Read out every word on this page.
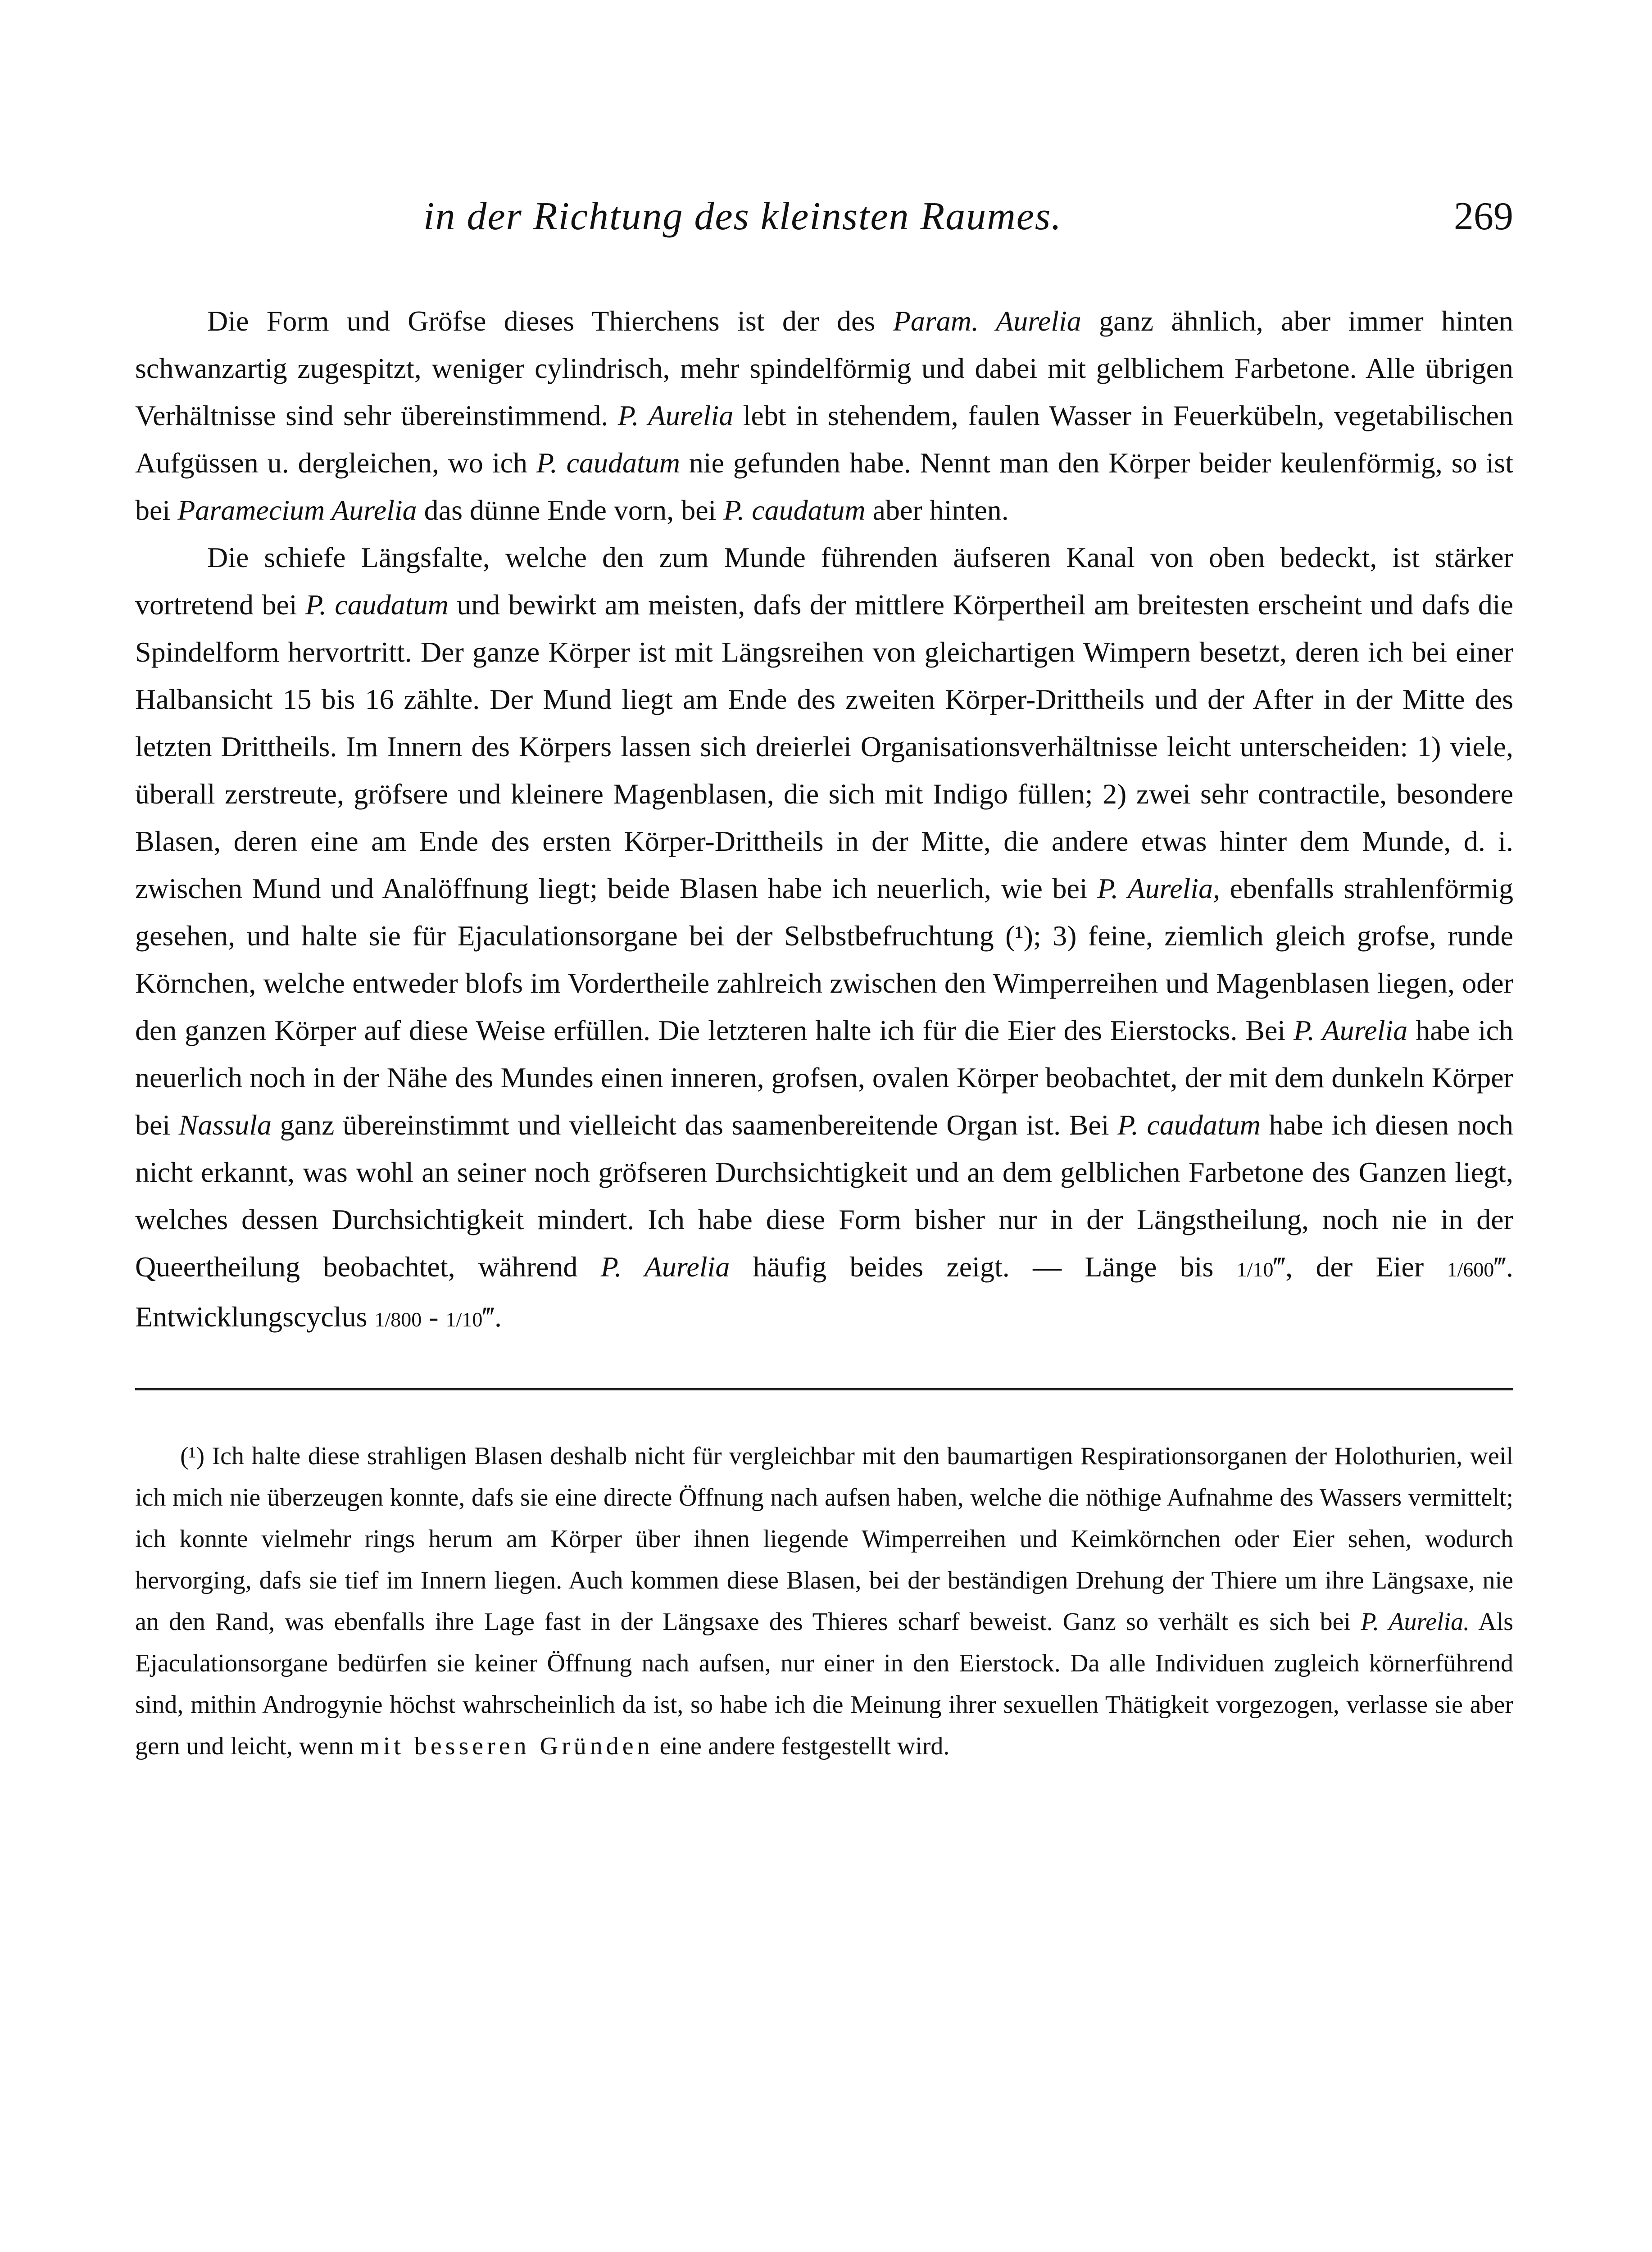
in der Richtung des kleinsten Raumes.	269

Die Form und Gröfse dieses Thierchens ist der des Param. Aurelia ganz ähnlich, aber immer hinten schwanzartig zugespitzt, weniger cylindrisch, mehr spindelförmig und dabei mit gelblichem Farbetone. Alle übrigen Verhältnisse sind sehr übereinstimmend. P. Aurelia lebt in stehendem, faulen Wasser in Feuerkübeln, vegetabilischen Aufgüssen u. dergleichen, wo ich P. caudatum nie gefunden habe. Nennt man den Körper beider keulenförmig, so ist bei Paramecium Aurelia das dünne Ende vorn, bei P. caudatum aber hinten.

Die schiefe Längsfalte, welche den zum Munde führenden äufseren Kanal von oben bedeckt, ist stärker vortretend bei P. caudatum und bewirkt am meisten, dafs der mittlere Körpertheil am breitesten erscheint und dafs die Spindelform hervortritt. Der ganze Körper ist mit Längsreihen von gleichartigen Wimpern besetzt, deren ich bei einer Halbansicht 15 bis 16 zählte. Der Mund liegt am Ende des zweiten Körper-Drittheils und der After in der Mitte des letzten Drittheils. Im Innern des Körpers lassen sich dreierlei Organisationsverhältnisse leicht unterscheiden: 1) viele, überall zerstreute, gröfsere und kleinere Magenblasen, die sich mit Indigo füllen; 2) zwei sehr contractile, besondere Blasen, deren eine am Ende des ersten Körper-Drittheils in der Mitte, die andere etwas hinter dem Munde, d. i. zwischen Mund und Analöffnung liegt; beide Blasen habe ich neuerlich, wie bei P. Aurelia, ebenfalls strahlenförmig gesehen, und halte sie für Ejaculationsorgane bei der Selbstbefruchtung (¹); 3) feine, ziemlich gleich grofse, runde Körnchen, welche entweder blofs im Vordertheile zahlreich zwischen den Wimperreihen und Magenblasen liegen, oder den ganzen Körper auf diese Weise erfüllen. Die letzteren halte ich für die Eier des Eierstocks. Bei P. Aurelia habe ich neuerlich noch in der Nähe des Mundes einen inneren, grofsen, ovalen Körper beobachtet, der mit dem dunkeln Körper bei Nassula ganz übereinstimmt und vielleicht das saamenbereitende Organ ist. Bei P. caudatum habe ich diesen noch nicht erkannt, was wohl an seiner noch gröfseren Durchsichtigkeit und an dem gelblichen Farbetone des Ganzen liegt, welches dessen Durchsichtigkeit mindert. Ich habe diese Form bisher nur in der Längstheilung, noch nie in der Queertheilung beobachtet, während P. Aurelia häufig beides zeigt. — Länge bis 1/10‴, der Eier 1/600‴. Entwicklungscyclus 1/800 - 1/10‴.

(¹) Ich halte diese strahligen Blasen deshalb nicht für vergleichbar mit den baumartigen Respirationsorganen der Holothurien, weil ich mich nie überzeugen konnte, dafs sie eine directe Öffnung nach aufsen haben, welche die nöthige Aufnahme des Wassers vermittelt; ich konnte vielmehr rings herum am Körper über ihnen liegende Wimperreihen und Keimkörnchen oder Eier sehen, wodurch hervorging, dafs sie tief im Innern liegen. Auch kommen diese Blasen, bei der beständigen Drehung der Thiere um ihre Längsaxe, nie an den Rand, was ebenfalls ihre Lage fast in der Längsaxe des Thieres scharf beweist. Ganz so verhält es sich bei P. Aurelia. Als Ejaculationsorgane bedürfen sie keiner Öffnung nach aufsen, nur einer in den Eierstock. Da alle Individuen zugleich körnerführend sind, mithin Androgynie höchst wahrscheinlich da ist, so habe ich die Meinung ihrer sexuellen Thätigkeit vorgezogen, verlasse sie aber gern und leicht, wenn mit besseren Gründen eine andere festgestellt wird.
